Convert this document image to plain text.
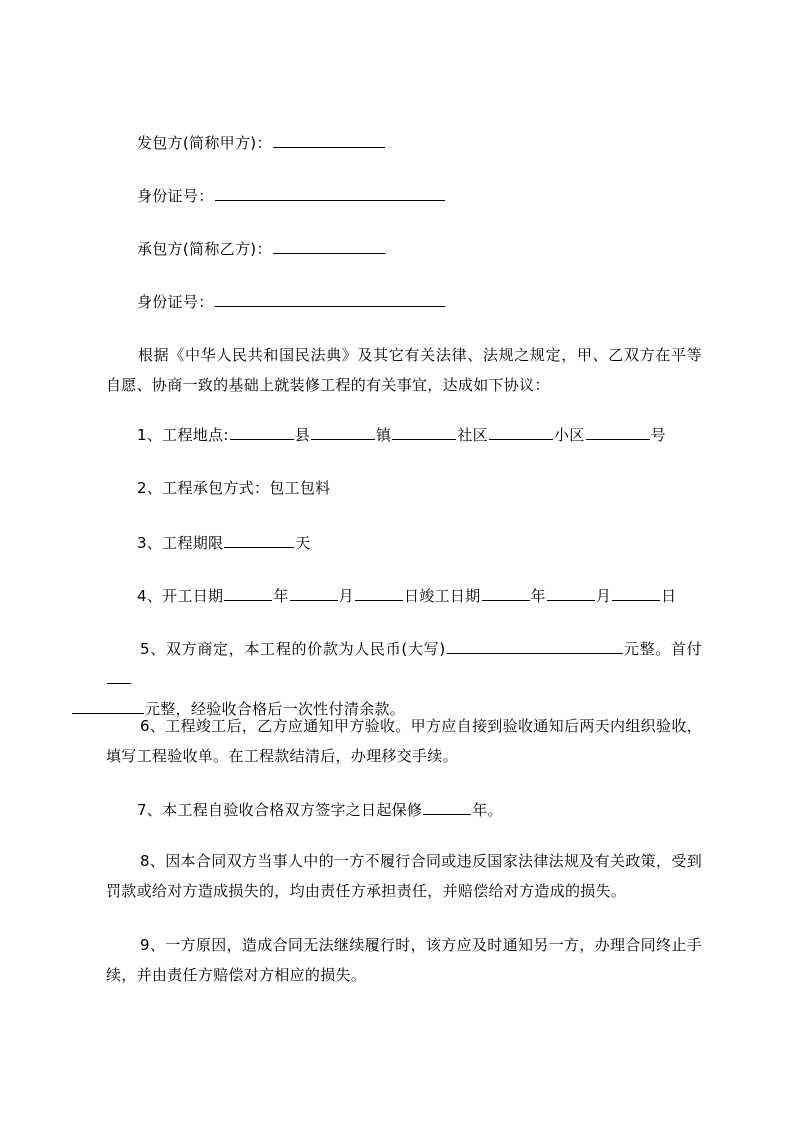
发包方(简称甲方)：
身份证号：
承包方(简称乙方)：
身份证号：
根据《中华人民共和国民法典》及其它有关法律、法规之规定，甲、乙双方在平等自愿、协商一致的基础上就装修工程的有关事宜，达成如下协议：
1、工程地点:	县	镇	社区	小区	号
2、工程承包方式：包工包料
3、工程期限	天
4、开工日期	年	月	日竣工日期	年	月	日
5、双方商定，本工程的价款为人民币(大写)	元整。首付
元整，经验收合格后一次性付清余款。
6、工程竣工后，乙方应通知甲方验收。甲方应自接到验收通知后两天内组织验收，填写工程验收单。在工程款结清后，办理移交手续。
7、本工程自验收合格双方签字之日起保修	年。
8、因本合同双方当事人中的一方不履行合同或违反国家法律法规及有关政策，受到罚款或给对方造成损失的，均由责任方承担责任，并赔偿给对方造成的损失。
9、一方原因，造成合同无法继续履行时，该方应及时通知另一方，办理合同终止手续，并由责任方赔偿对方相应的损失。
